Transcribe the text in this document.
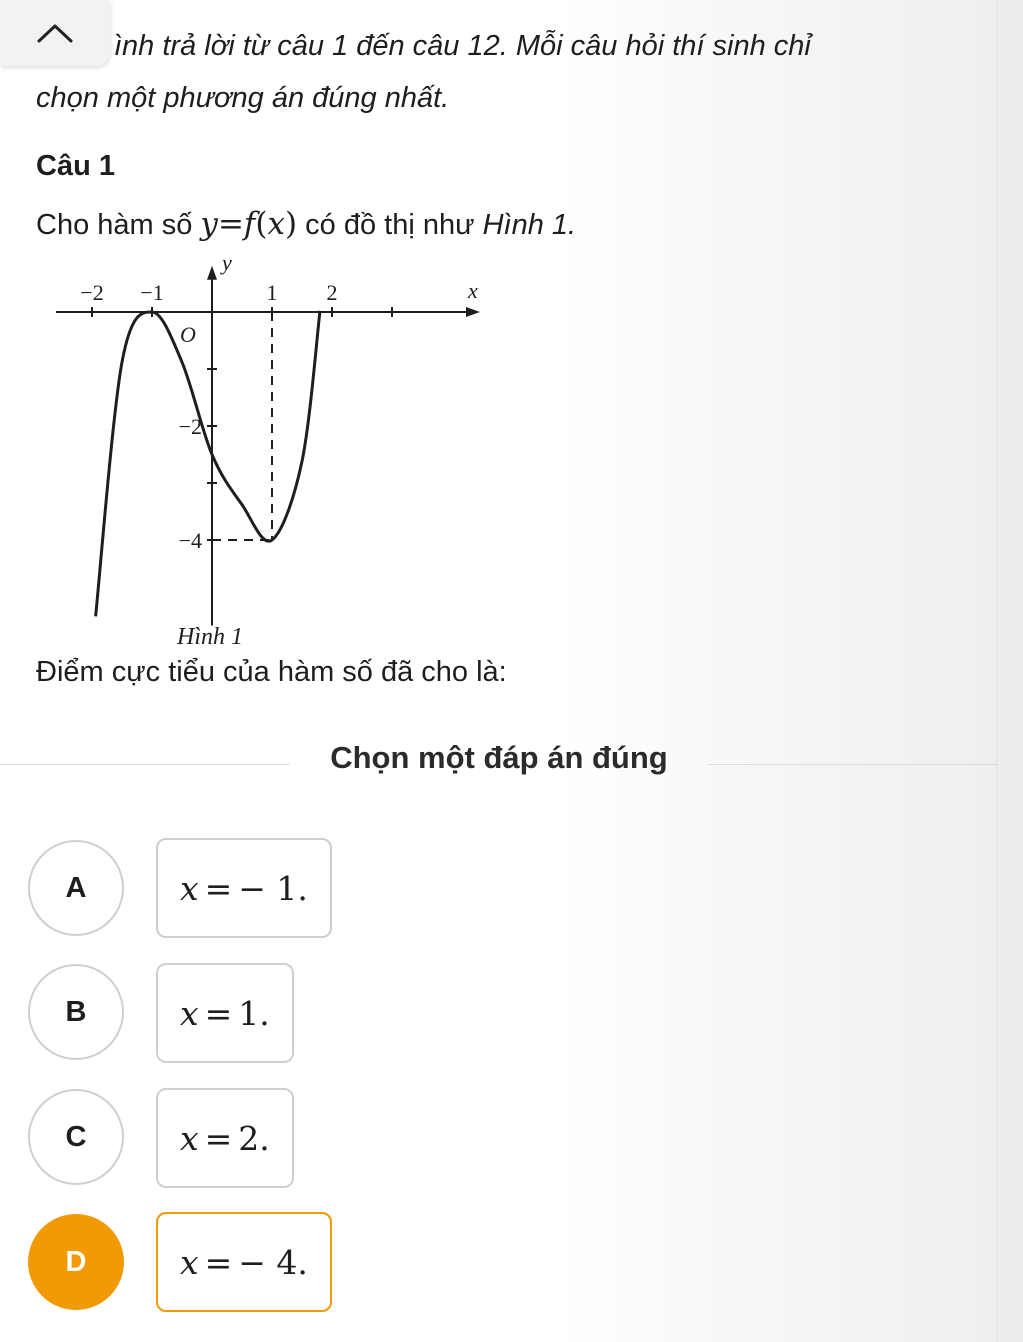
ình trả lời từ câu 1 đến câu 12. Mỗi câu hỏi thí sinh chỉ
chọn một phương án đúng nhất.
Câu 1
Cho hàm số y=f(x) có đồ thị như Hình 1.
−2 −1	1 2
−2
−4
x
y
O
Hình 1
Điểm cực tiểu của hàm số đã cho là:
Chọn một đáp án đúng
A	x = − 1.
B	x = 1.
C	x = 2.
D	x = − 4.
